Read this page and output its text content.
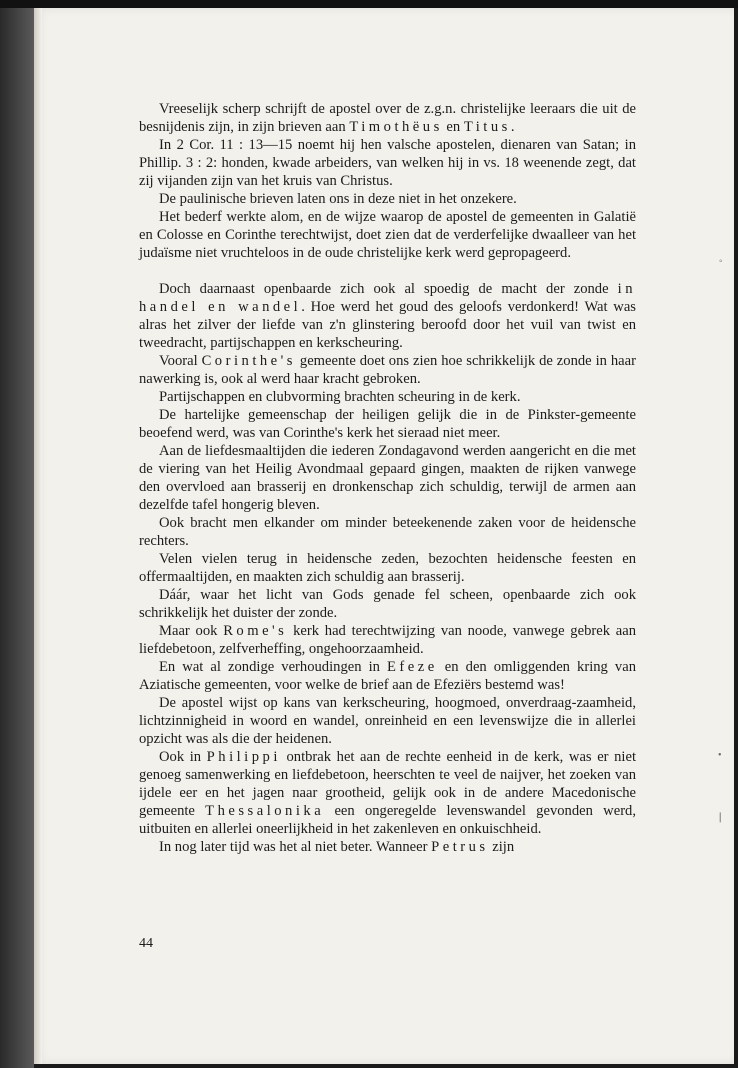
Vreeselijk scherp schrijft de apostel over de z.g.n. christelijke leeraars die uit de besnijdenis zijn, in zijn brieven aan Timothëus en Titus.

In 2 Cor. 11 : 13—15 noemt hij hen valsche apostelen, dienaren van Satan; in Phillip. 3 : 2: honden, kwade arbeiders, van welken hij in vs. 18 weenende zegt, dat zij vijanden zijn van het kruis van Christus.

De paulinische brieven laten ons in deze niet in het onzekere.

Het bederf werkte alom, en de wijze waarop de apostel de gemeenten in Galatië en Colosse en Corinthe terechtwijst, doet zien dat de verderfelijke dwaalleer van het judaïsme niet vruchteloos in de oude christelijke kerk werd gepropageerd.

Doch daarnaast openbaarde zich ook al spoedig de macht der zonde in handel en wandel. Hoe werd het goud des geloofs verdonkerd! Wat was alras het zilver der liefde van z'n glinstering beroofd door het vuil van twist en tweedracht, partijschappen en kerkscheuring.

Vooral Corinthe's gemeente doet ons zien hoe schrikkelijk de zonde in haar nawerking is, ook al werd haar kracht gebroken.

Partijschappen en clubvorming brachten scheuring in de kerk.

De hartelijke gemeenschap der heiligen gelijk die in de Pinkster-gemeente beoefend werd, was van Corinthe's kerk het sieraad niet meer.

Aan de liefdesmaaltijden die iederen Zondagavond werden aangericht en die met de viering van het Heilig Avondmaal gepaard gingen, maakten de rijken vanwege den overvloed aan brasserij en dronkenschap zich schuldig, terwijl de armen aan dezelfde tafel hongerig bleven.

Ook bracht men elkander om minder beteekenende zaken voor de heidensche rechters.

Velen vielen terug in heidensche zeden, bezochten heidensche feesten en offermaaltijden, en maakten zich schuldig aan brasserij.

Dáár, waar het licht van Gods genade fel scheen, openbaarde zich ook schrikkelijk het duister der zonde.

Maar ook Rome's kerk had terechtwijzing van noode, vanwege gebrek aan liefdebetoon, zelfverheffing, ongehoorzaamheid.

En wat al zondige verhoudingen in Efeze en den omliggenden kring van Aziatische gemeenten, voor welke de brief aan de Efeziërs bestemd was!

De apostel wijst op kans van kerkscheuring, hoogmoed, onverdraag-zaamheid, lichtzinnigheid in woord en wandel, onreinheid en een levenswijze die in allerlei opzicht was als die der heidenen.

Ook in Philippi ontbrak het aan de rechte eenheid in de kerk, was er niet genoeg samenwerking en liefdebetoon, heerschten te veel de naijver, het zoeken van ijdele eer en het jagen naar grootheid, gelijk ook in de andere Macedonische gemeente Thessalonika een ongeregelde levenswandel gevonden werd, uitbuiten en allerlei oneerlijkheid in het zakenleven en onkuischheid.

In nog later tijd was het al niet beter. Wanneer Petrus zijn

44
◦
•
❘
